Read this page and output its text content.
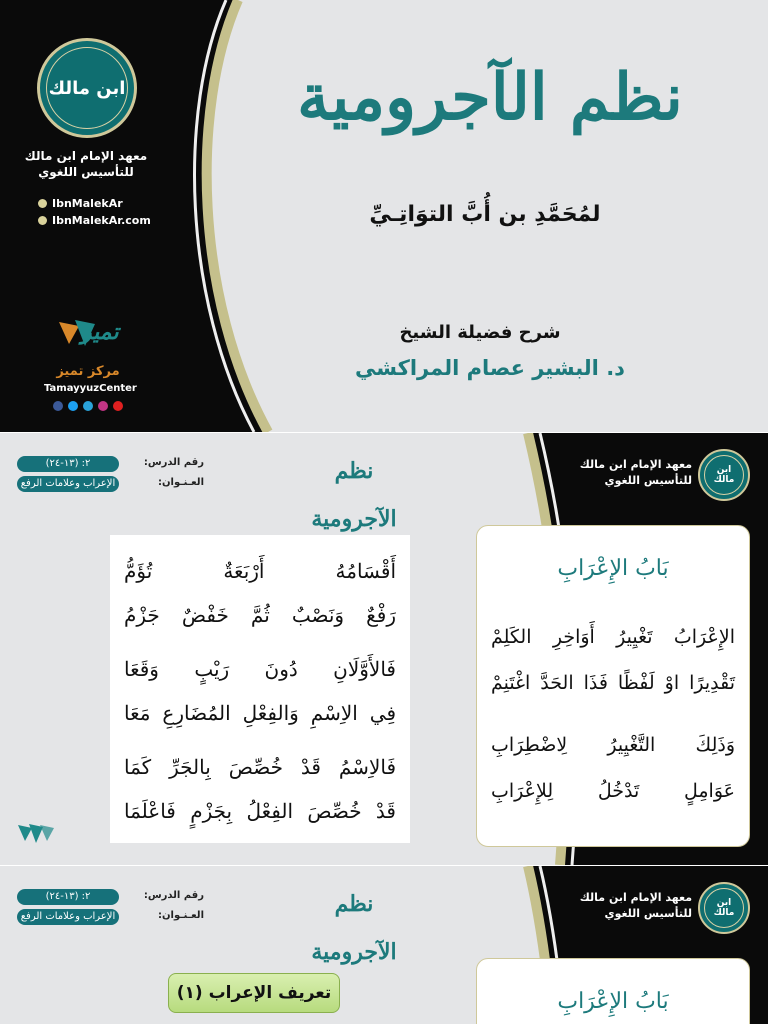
ابن مالك
معهد الإمام ابن مالك
للتأسيس اللغوي
IbnMalekAr
IbnMalekAr.com
تميز
مركز تميز
TamayyuzCenter
نظم الآجرومية
لمُحَمَّدِ بن أُبَّ التوَاتِـيِّ
شرح فضيلة الشيخ
د. البشير عصام المراكشي
رقم الدرس:
٢: (١٣-٢٤)
العـنـوان:
الإعراب وعلامات الرفع	نظم الآجرومية
ابن مالك
معهد الإمام ابن مالك
للتأسيس اللغوي
أَقْسَامُهُ أَرْبَعَةٌ تُؤَمُّ
رَفْعٌ وَنَصْبٌ ثُمَّ خَفْضٌ جَزْمُ
فَالأَوَّلَانِ دُونَ رَيْبٍ وَقَعَا
فِي الاِسْمِ وَالفِعْلِ المُضَارِعِ مَعَا
فَالاِسْمُ قَدْ خُصِّصَ بِالجَرِّ كَمَا
قَدْ خُصِّصَ الفِعْلُ بِجَزْمٍ فَاعْلَمَا
بَابُ الإِعْرَابِ
الإِعْرَابُ تَغْيِيرُ أَوَاخِرِ الكَلِمْ
تَقْدِيرًا اوْ لَفْظًا فَذَا الحَدَّ اغْتَنِمْ
وَذَلِكَ التَّغْيِيرُ لِاضْطِرَابِ
عَوَامِلٍ تَدْخُلُ لِلإِعْرَابِ
رقم الدرس:
٢: (١٣-٢٤)
العـنـوان:
الإعراب وعلامات الرفع	نظم الآجرومية
ابن مالك
معهد الإمام ابن مالك
للتأسيس اللغوي
تعريف الإعراب (١)	بَابُ الإِعْرَابِ
